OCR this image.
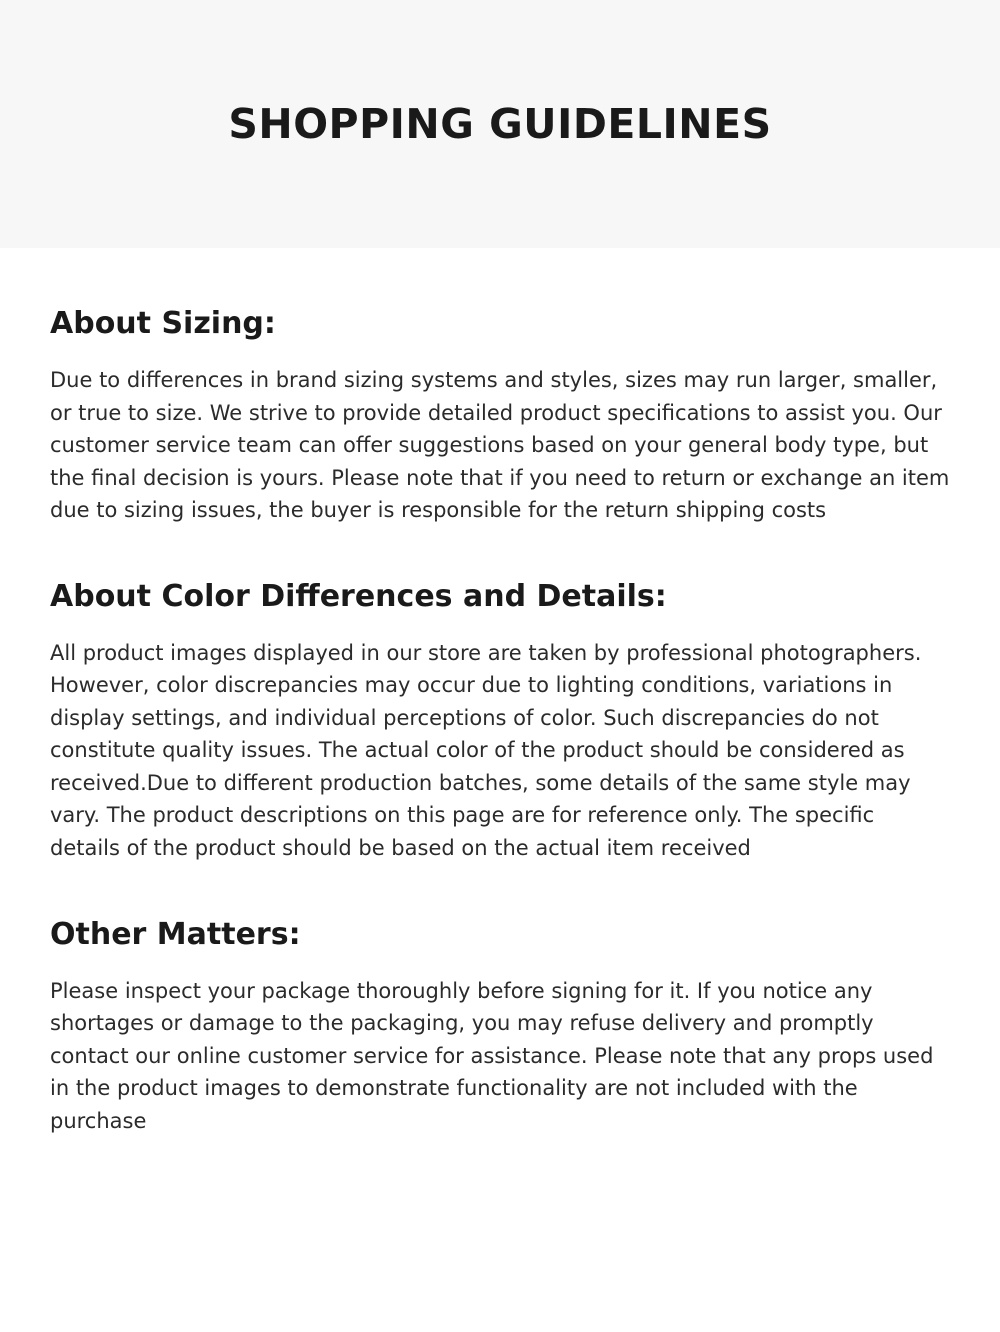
SHOPPING GUIDELINES
About Sizing:

Due to differences in brand sizing systems and styles, sizes may run larger, smaller, or true to size. We strive to provide detailed product specifications to assist you. Our customer service team can offer suggestions based on your general body type, but the final decision is yours. Please note that if you need to return or exchange an item due to sizing issues, the buyer is responsible for the return shipping costs

About Color Differences and Details:

All product images displayed in our store are taken by professional photographers. However, color discrepancies may occur due to lighting conditions, variations in display settings, and individual perceptions of color. Such discrepancies do not constitute quality issues. The actual color of the product should be considered as received.Due to different production batches, some details of the same style may vary. The product descriptions on this page are for reference only. The specific details of the product should be based on the actual item received

Other Matters:

Please inspect your package thoroughly before signing for it. If you notice any shortages or damage to the packaging, you may refuse delivery and promptly contact our online customer service for assistance. Please note that any props used in the product images to demonstrate functionality are not included with the purchase
